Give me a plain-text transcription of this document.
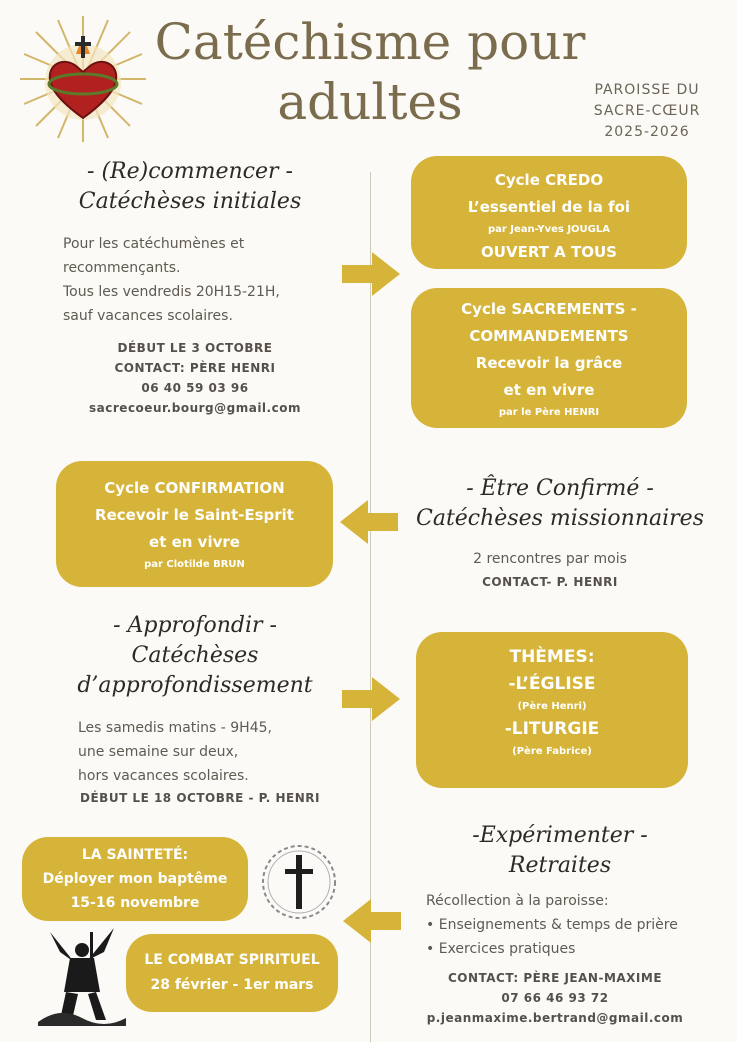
Catéchisme pour
adultes	PAROISSE DU
SACRE-CŒUR
2025-2026
- (Re)commencer -
Catéchèses initiales
Pour les catéchumènes et
recommençants.
Tous les vendredis 20H15-21H,
sauf vacances scolaires.
DÉBUT LE 3 OCTOBRE
CONTACT: PÈRE HENRI
06 40 59 03 96
sacrecoeur.bourg@gmail.com
Cycle CREDO
L’essentiel de la foi
par Jean-Yves JOUGLA
OUVERT A TOUS
Cycle SACREMENTS -
COMMANDEMENTS
Recevoir la grâce
et en vivre
par le Père HENRI
Cycle CONFIRMATION
Recevoir le Saint-Esprit
et en vivre
par Clotilde BRUN
- Être Confirmé -
Catéchèses missionnaires
2 rencontres par mois
CONTACT- P. HENRI
- Approfondir -
Catéchèses
d’approfondissement
Les samedis matins - 9H45,
une semaine sur deux,
hors vacances scolaires.
DÉBUT LE 18 OCTOBRE - P. HENRI
THÈMES:
-L’ÉGLISE
(Père Henri)
-LITURGIE
(Père Fabrice)
LA SAINTETÉ:
Déployer mon baptême
15-16 novembre
LE COMBAT SPIRITUEL
28 février - 1er mars
-Expérimenter -
Retraites
Récollection à la paroisse:
• Enseignements & temps de prière
• Exercices pratiques
CONTACT: PÈRE JEAN-MAXIME
07 66 46 93 72
p.jeanmaxime.bertrand@gmail.com
